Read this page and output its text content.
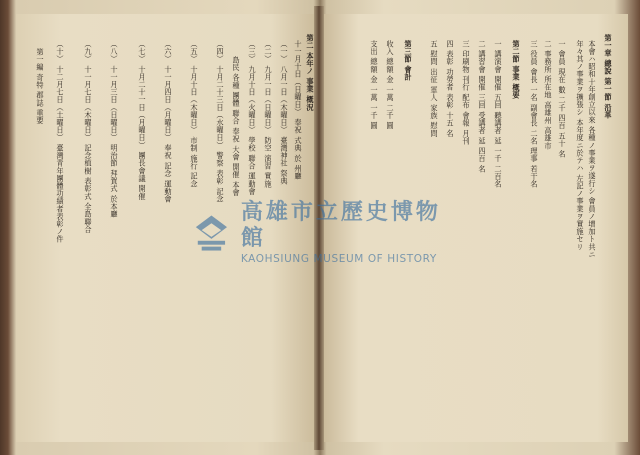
第一編 奇特 郡誌 重要 （十） 十二月七日（土曜日） 臺灣青年團體功績者表彰ノ件	（九） 十一月七日（木曜日） 記念植樹 表彰式 全島聯合 （八） 十一月三日（日曜日） 明治節 拜賀式 於本廳	（七） 十月二十一日（月曜日） 團長會議 開催 （六） 十一月四日（月曜日） 奉祝 記念 運動會 （五） 十月十日（木曜日） 市制 施行 記念 （四） 十月二十三日（水曜日） 警察 表彰 記念 島民 各種 團體 聯合 奉祝 大會 開催 本會 （三） 九月十日（火曜日） 學校 聯合 運動會 （二） 九月一日（日曜日） 防空 演習 實施 （一） 八月一日（木曜日） 臺灣神社 祭典 十一月十日（日曜日） 奉祝 式典 於 州廳 第二 本年ノ 事業 概況	第一章 總說 第一節 沿革
本會ハ昭和十年創立以來 各種ノ事業ヲ遂行シ 會員ノ增加ト共ニ
年々其ノ事業ヲ擴張シ 本年度ニ於テハ 左記ノ事業ヲ實施セリ
一 會員 現在 數 二千 四百 五十 名
二 事務所 所在地 高雄州 高雄市
三 役員 會長 一名 副會長 二名 理事 若干名
第二節 事業 概要
一 講演會 開催 五回 聽講者 延 一千 二百名
二 講習會 開催 三回 受講者 延 四百 名
三 印刷物 刊行 配布 會報 月刊
四 表彰 功勞者 表彰 十五 名
五 慰問 出征 軍人 家族 慰問
第三節 會計
收入 總額 金 一萬 二千 圓
支出 總額 金 一萬 一千 圓
高雄市立歷史博物館
KAOHSIUNG MUSEUM OF HISTORY
